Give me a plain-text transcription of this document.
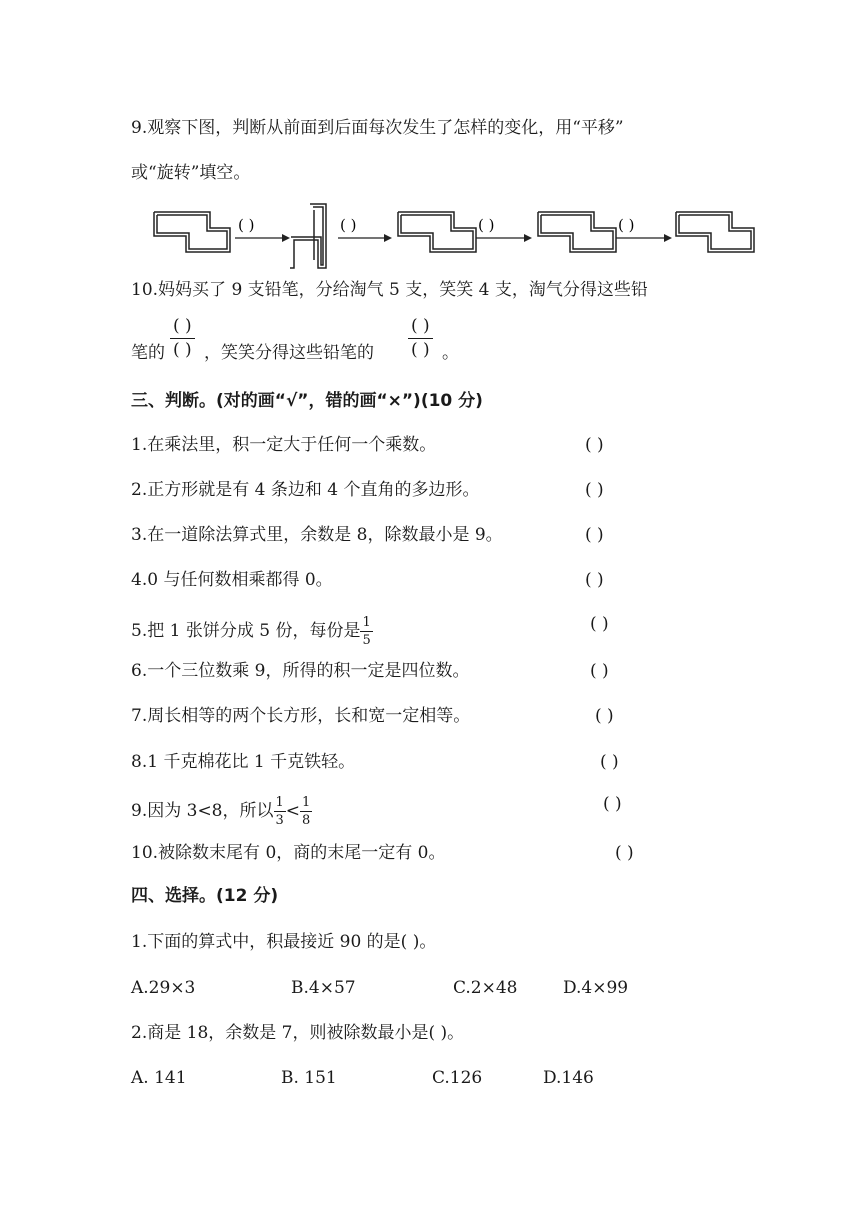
9.观察下图，判断从前面到后面每次发生了怎样的变化，用“平移”
或“旋转”填空。
( )	( )	( )	( )
10.妈妈买了 9 支铅笔，分给淘气 5 支，笑笑 4 支，淘气分得这些铅
笔的
( )
( ) ，笑笑分得这些铅笔的
( )
( ) 。
三、判断。(对的画“√”，错的画“×”)(10 分)
1.在乘法里，积一定大于任何一个乘数。	( )
2.正方形就是有 4 条边和 4 个直角的多边形。	( )
3.在一道除法算式里，余数是 8，除数最小是 9。	( )
4.0 与任何数相乘都得 0。	( )
5.把 1 张饼分成 5 份，每份是 $\frac{1}{5}$	( )
6.一个三位数乘 9，所得的积一定是四位数。	( )
7.周长相等的两个长方形，长和宽一定相等。	( )
8.1 千克棉花比 1 千克铁轻。	( )
9.因为 3<8，所以 $\frac{1}{3} < \frac{1}{8}$	( )
10.被除数末尾有 0，商的末尾一定有 0。	( )
四、选择。(12 分)
1.下面的算式中，积最接近 90 的是( )。
A.29×3	B.4×57	C.2×48	D.4×99
2.商是 18，余数是 7，则被除数最小是( )。
A. 141	B. 151	C.126	D.146
